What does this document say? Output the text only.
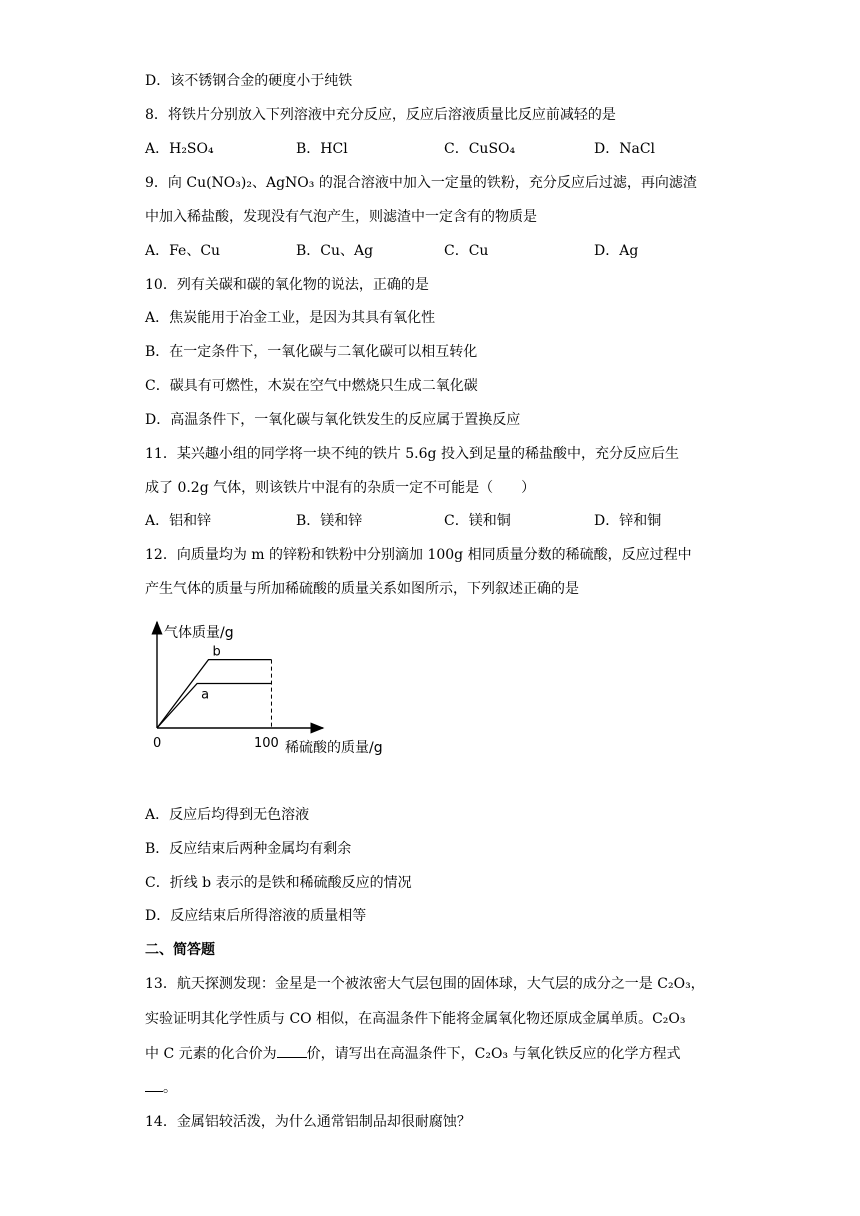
D．该不锈钢合金的硬度小于纯铁
8．将铁片分别放入下列溶液中充分反应，反应后溶液质量比反应前减轻的是
A．H₂SO₄	B．HCl	C．CuSO₄	D．NaCl
9．向 Cu(NO₃)₂、AgNO₃ 的混合溶液中加入一定量的铁粉，充分反应后过滤，再向滤渣
中加入稀盐酸，发现没有气泡产生，则滤渣中一定含有的物质是
A．Fe、Cu	B．Cu、Ag	C．Cu	D．Ag
10．列有关碳和碳的氧化物的说法，正确的是
A．焦炭能用于冶金工业，是因为其具有氧化性
B．在一定条件下，一氧化碳与二氧化碳可以相互转化
C．碳具有可燃性，木炭在空气中燃烧只生成二氧化碳
D．高温条件下，一氧化碳与氧化铁发生的反应属于置换反应
11．某兴趣小组的同学将一块不纯的铁片 5.6g 投入到足量的稀盐酸中，充分反应后生
成了 0.2g 气体，则该铁片中混有的杂质一定不可能是（　　）
A．铝和锌	B．镁和锌	C．镁和铜	D．锌和铜
12．向质量均为 m 的锌粉和铁粉中分别滴加 100g 相同质量分数的稀硫酸，反应过程中
产生气体的质量与所加稀硫酸的质量关系如图所示，下列叙述正确的是
气体质量/g
稀硫酸的质量/g
0	100
a
b
A．反应后均得到无色溶液
B．反应结束后两种金属均有剩余
C．折线 b 表示的是铁和稀硫酸反应的情况
D．反应结束后所得溶液的质量相等
二、简答题
13．航天探测发现：金星是一个被浓密大气层包围的固体球，大气层的成分之一是 C₂O₃，
实验证明其化学性质与 CO 相似，在高温条件下能将金属氧化物还原成金属单质。C₂O₃
中 C 元素的化合价为 价，请写出在高温条件下，C₂O₃ 与氧化铁反应的化学方程式
。
14．金属铝较活泼，为什么通常铝制品却很耐腐蚀？
